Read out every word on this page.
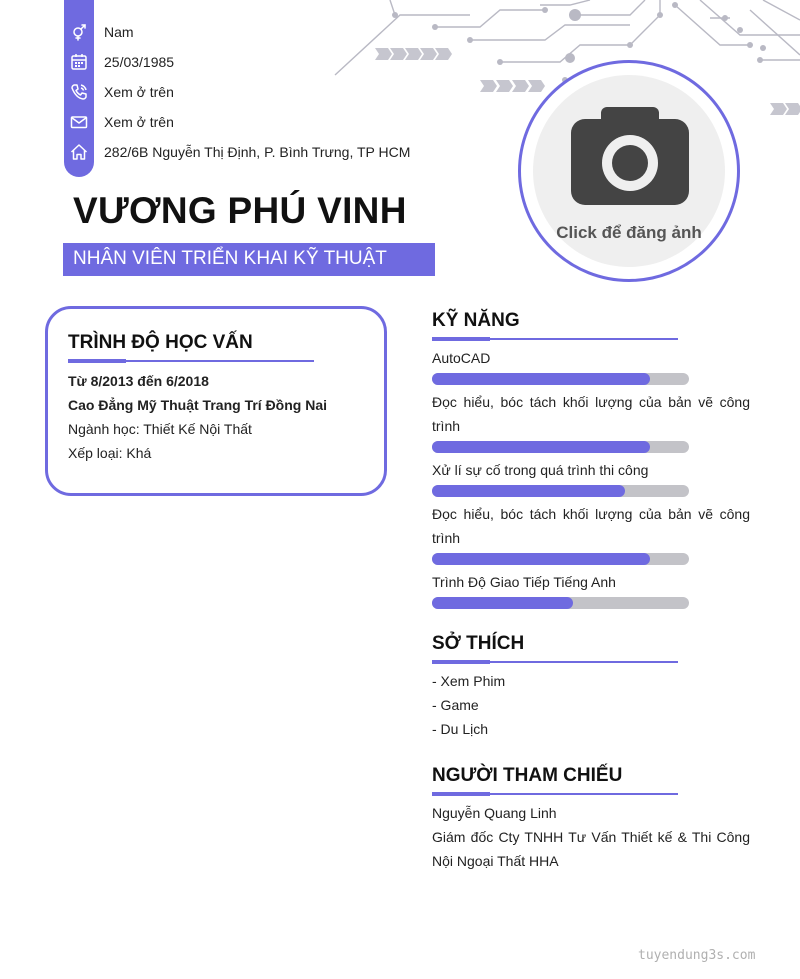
Nam
25/03/1985
Xem ở trên
Xem ở trên
282/6B Nguyễn Thị Định, P. Bình Trưng, TP HCM
VƯƠNG PHÚ VINH
NHÂN VIÊN TRIỂN KHAI KỸ THUẬT
Click để đăng ảnh
TRÌNH ĐỘ HỌC VẤN
Từ 8/2013 đến 6/2018
Cao Đẳng Mỹ Thuật Trang Trí Đồng Nai
Ngành học: Thiết Kế Nội Thất
Xếp loại: Khá
KỸ NĂNG
AutoCAD
Đọc hiểu, bóc tách khối lượng của bản vẽ công trình
Xử lí sự cố trong quá trình thi công
Đọc hiểu, bóc tách khối lượng của bản vẽ công trình
Trình Độ Giao Tiếp Tiếng Anh
SỞ THÍCH
- Xem Phim
- Game
- Du Lịch
NGƯỜI THAM CHIẾU
Nguyễn Quang Linh
Giám đốc Cty TNHH Tư Vấn Thiết kế & Thi Công Nội Ngoại Thất HHA
tuyendung3s.com
